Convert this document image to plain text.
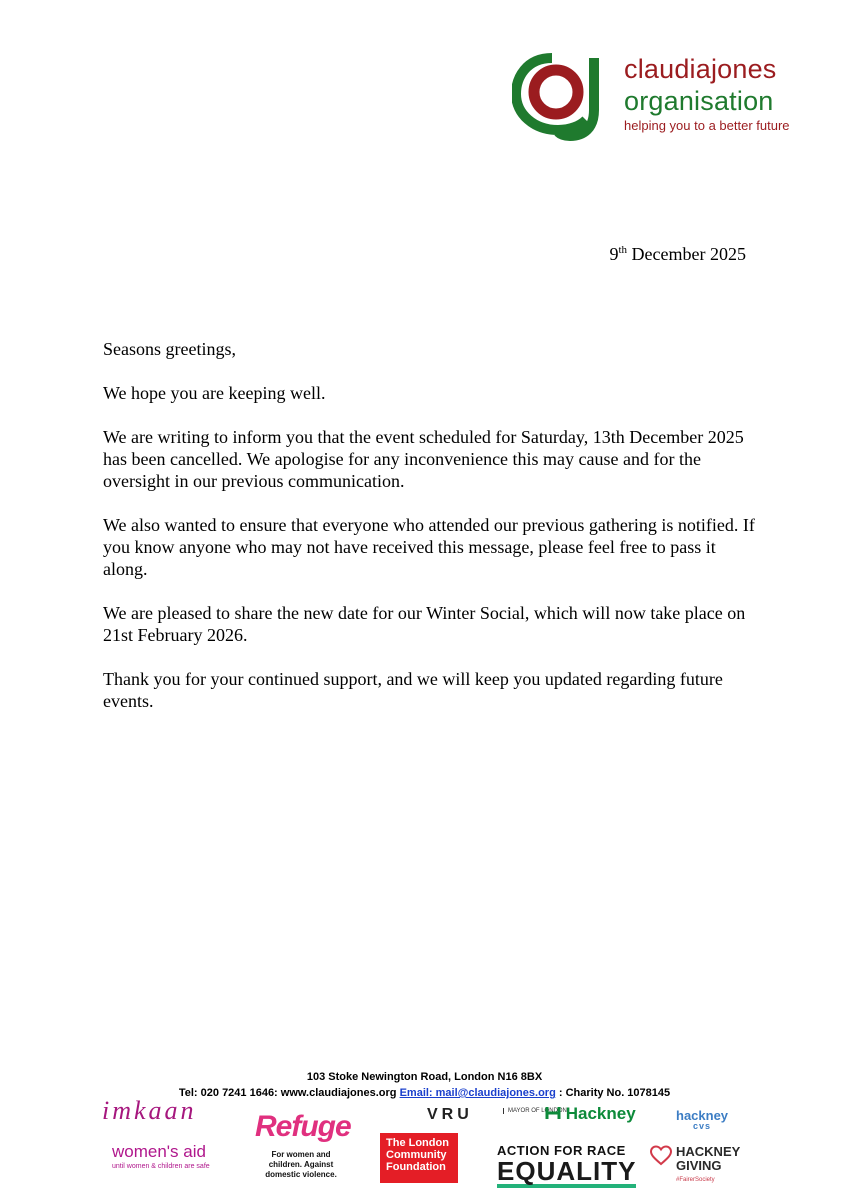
claudiajones
organisation
helping you to a better future
9th December 2025

Seasons greetings,

We hope you are keeping well.

We are writing to inform you that the event scheduled for Saturday, 13th December 2025 has been cancelled. We apologise for any inconvenience this may cause and for the oversight in our previous communication.

We also wanted to ensure that everyone who attended our previous gathering is notified. If you know anyone who may not have received this message, please feel free to pass it along.

We are pleased to share the new date for our Winter Social, which will now take place on 21st February 2026.

Thank you for your continued support, and we will keep you updated regarding future events.

103 Stoke Newington Road, London N16 8BX
Tel: 020 7241 1646: www.claudiajones.org Email: mail@claudiajones.org : Charity No. 1078145
imkaan
women's aid
until women & children are safe
Refuge
For women and children. Against domestic violence.
The London Community Foundation
VRU	MAYOR OF LONDON
Hackney	hackney
cvs
ACTION FOR RACE
EQUALITY
HACKNEY GIVING
#FairerSociety
